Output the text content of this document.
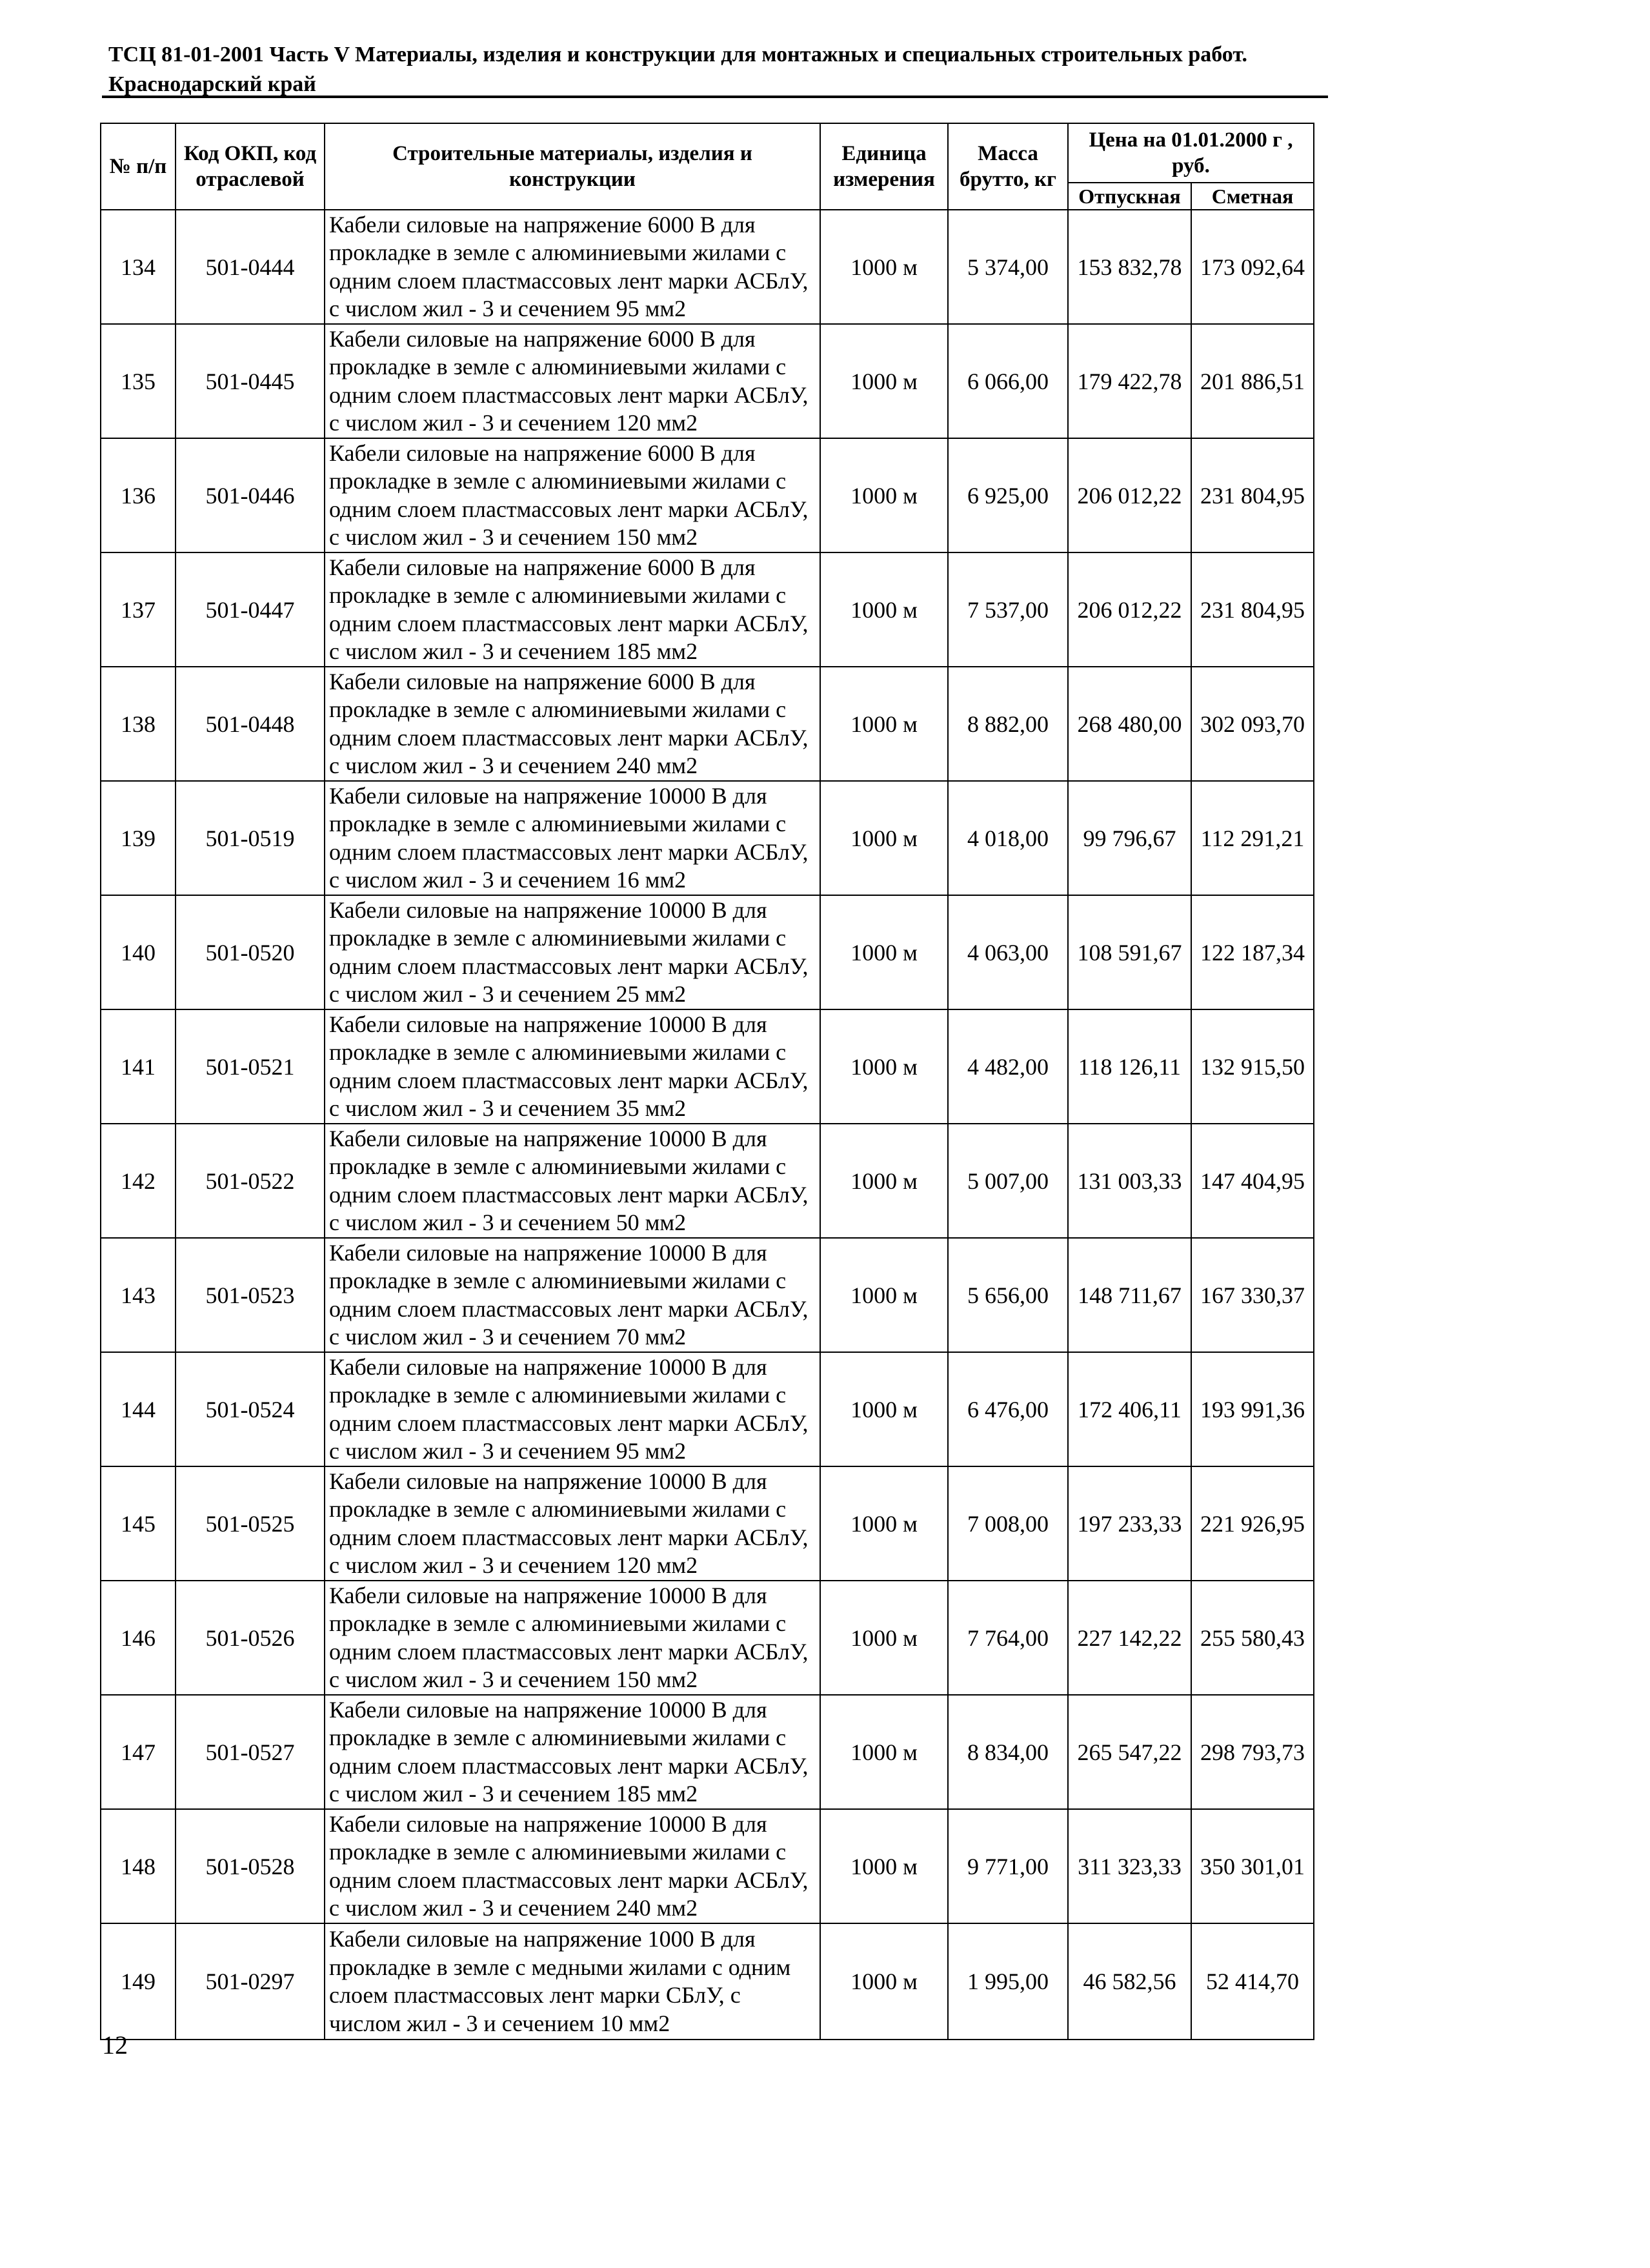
ТСЦ 81-01-2001 Часть V Материалы, изделия и конструкции для монтажных и специальных строительных работ.
Краснодарский край
№ п/п	Код ОКП, код отраслевой	Строительные материалы, изделия и конструкции	Единица измерения	Масса брутто, кг	Цена на 01.01.2000 г , руб.	
					Отпускная	Сметная
134	501-0444	Кабели силовые на напряжение 6000 В для прокладке в земле с алюминиевыми жилами с одним слоем пластмассовых лент марки АСБлУ, с числом жил - 3 и сечением 95 мм2	1000 м	5 374,00	153 832,78	173 092,64
135	501-0445	Кабели силовые на напряжение 6000 В для прокладке в земле с алюминиевыми жилами с одним слоем пластмассовых лент марки АСБлУ, с числом жил - 3 и сечением 120 мм2	1000 м	6 066,00	179 422,78	201 886,51
136	501-0446	Кабели силовые на напряжение 6000 В для прокладке в земле с алюминиевыми жилами с одним слоем пластмассовых лент марки АСБлУ, с числом жил - 3 и сечением 150 мм2	1000 м	6 925,00	206 012,22	231 804,95
137	501-0447	Кабели силовые на напряжение 6000 В для прокладке в земле с алюминиевыми жилами с одним слоем пластмассовых лент марки АСБлУ, с числом жил - 3 и сечением 185 мм2	1000 м	7 537,00	206 012,22	231 804,95
138	501-0448	Кабели силовые на напряжение 6000 В для прокладке в земле с алюминиевыми жилами с одним слоем пластмассовых лент марки АСБлУ, с числом жил - 3 и сечением 240 мм2	1000 м	8 882,00	268 480,00	302 093,70
139	501-0519	Кабели силовые на напряжение 10000 В для прокладке в земле с алюминиевыми жилами с одним слоем пластмассовых лент марки АСБлУ, с числом жил - 3 и сечением 16 мм2	1000 м	4 018,00	99 796,67	112 291,21
140	501-0520	Кабели силовые на напряжение 10000 В для прокладке в земле с алюминиевыми жилами с одним слоем пластмассовых лент марки АСБлУ, с числом жил - 3 и сечением 25 мм2	1000 м	4 063,00	108 591,67	122 187,34
141	501-0521	Кабели силовые на напряжение 10000 В для прокладке в земле с алюминиевыми жилами с одним слоем пластмассовых лент марки АСБлУ, с числом жил - 3 и сечением 35 мм2	1000 м	4 482,00	118 126,11	132 915,50
142	501-0522	Кабели силовые на напряжение 10000 В для прокладке в земле с алюминиевыми жилами с одним слоем пластмассовых лент марки АСБлУ, с числом жил - 3 и сечением 50 мм2	1000 м	5 007,00	131 003,33	147 404,95
143	501-0523	Кабели силовые на напряжение 10000 В для прокладке в земле с алюминиевыми жилами с одним слоем пластмассовых лент марки АСБлУ, с числом жил - 3 и сечением 70 мм2	1000 м	5 656,00	148 711,67	167 330,37
144	501-0524	Кабели силовые на напряжение 10000 В для прокладке в земле с алюминиевыми жилами с одним слоем пластмассовых лент марки АСБлУ, с числом жил - 3 и сечением 95 мм2	1000 м	6 476,00	172 406,11	193 991,36
145	501-0525	Кабели силовые на напряжение 10000 В для прокладке в земле с алюминиевыми жилами с одним слоем пластмассовых лент марки АСБлУ, с числом жил - 3 и сечением 120 мм2	1000 м	7 008,00	197 233,33	221 926,95
146	501-0526	Кабели силовые на напряжение 10000 В для прокладке в земле с алюминиевыми жилами с одним слоем пластмассовых лент марки АСБлУ, с числом жил - 3 и сечением 150 мм2	1000 м	7 764,00	227 142,22	255 580,43
147	501-0527	Кабели силовые на напряжение 10000 В для прокладке в земле с алюминиевыми жилами с одним слоем пластмассовых лент марки АСБлУ, с числом жил - 3 и сечением 185 мм2	1000 м	8 834,00	265 547,22	298 793,73
148	501-0528	Кабели силовые на напряжение 10000 В для прокладке в земле с алюминиевыми жилами с одним слоем пластмассовых лент марки АСБлУ, с числом жил - 3 и сечением 240 мм2	1000 м	9 771,00	311 323,33	350 301,01
149	501-0297	Кабели силовые на напряжение 1000 В для прокладке в земле с медными жилами с одним слоем пластмассовых лент марки СБлУ, с числом жил - 3 и сечением 10 мм2	1000 м	1 995,00	46 582,56	52 414,70
12
